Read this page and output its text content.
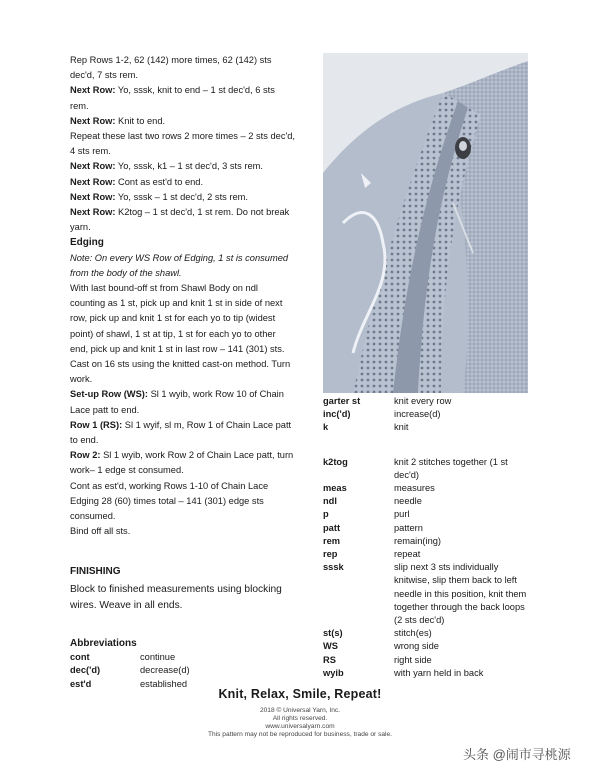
Rep Rows 1-2, 62 (142) more times, 62 (142) sts dec'd, 7 sts rem.

Next Row: Yo, sssk, knit to end – 1 st dec'd, 6 sts rem.

Next Row: Knit to end.

Repeat these last two rows 2 more times – 2 sts dec'd, 4 sts rem.

Next Row: Yo, sssk, k1 – 1 st dec'd, 3 sts rem.

Next Row: Cont as est'd to end.

Next Row: Yo, sssk – 1 st dec'd, 2 sts rem.

Next Row: K2tog – 1 st dec'd, 1 st rem. Do not break yarn.

Edging

Note: On every WS Row of Edging, 1 st is consumed from the body of the shawl.

With last bound-off st from Shawl Body on ndl counting as 1 st, pick up and knit 1 st in side of next row, pick up and knit 1 st for each yo to tip (widest point) of shawl, 1 st at tip, 1 st for each yo to other end, pick up and knit 1 st in last row – 141 (301) sts. Cast on 16 sts using the knitted cast-on method. Turn work.

Set-up Row (WS): Sl 1 wyib, work Row 10 of Chain Lace patt to end.

Row 1 (RS): Sl 1 wyif, sl m, Row 1 of Chain Lace patt to end.

Row 2: Sl 1 wyib, work Row 2 of Chain Lace patt, turn work– 1 edge st consumed.

Cont as est'd, working Rows 1-10 of Chain Lace Edging 28 (60) times total – 141 (301) edge sts consumed.

Bind off all sts.

FINISHING

Block to finished measurements using blocking wires. Weave in all ends.

Abbreviations

cont	continue
dec('d)	decrease(d)
est'd	established
garter st	knit every row
inc('d)	increase(d)
k	knit
k2tog	knit 2 stitches together (1 st dec'd)
meas	measures
ndl	needle
p	purl
patt	pattern
rem	remain(ing)
rep	repeat
sssk	slip next 3 sts individually knitwise, slip them back to left needle in this position, knit them together through the back loops (2 sts dec'd)
st(s)	stitch(es)
WS	wrong side
RS	right side
wyib	with yarn held in back
Knit, Relax, Smile, Repeat!
2018 © Universal Yarn, Inc.
All rights reserved.
www.universalyarn.com
This pattern may not be reproduced for business, trade or sale.
头条 @闹市寻桃源
